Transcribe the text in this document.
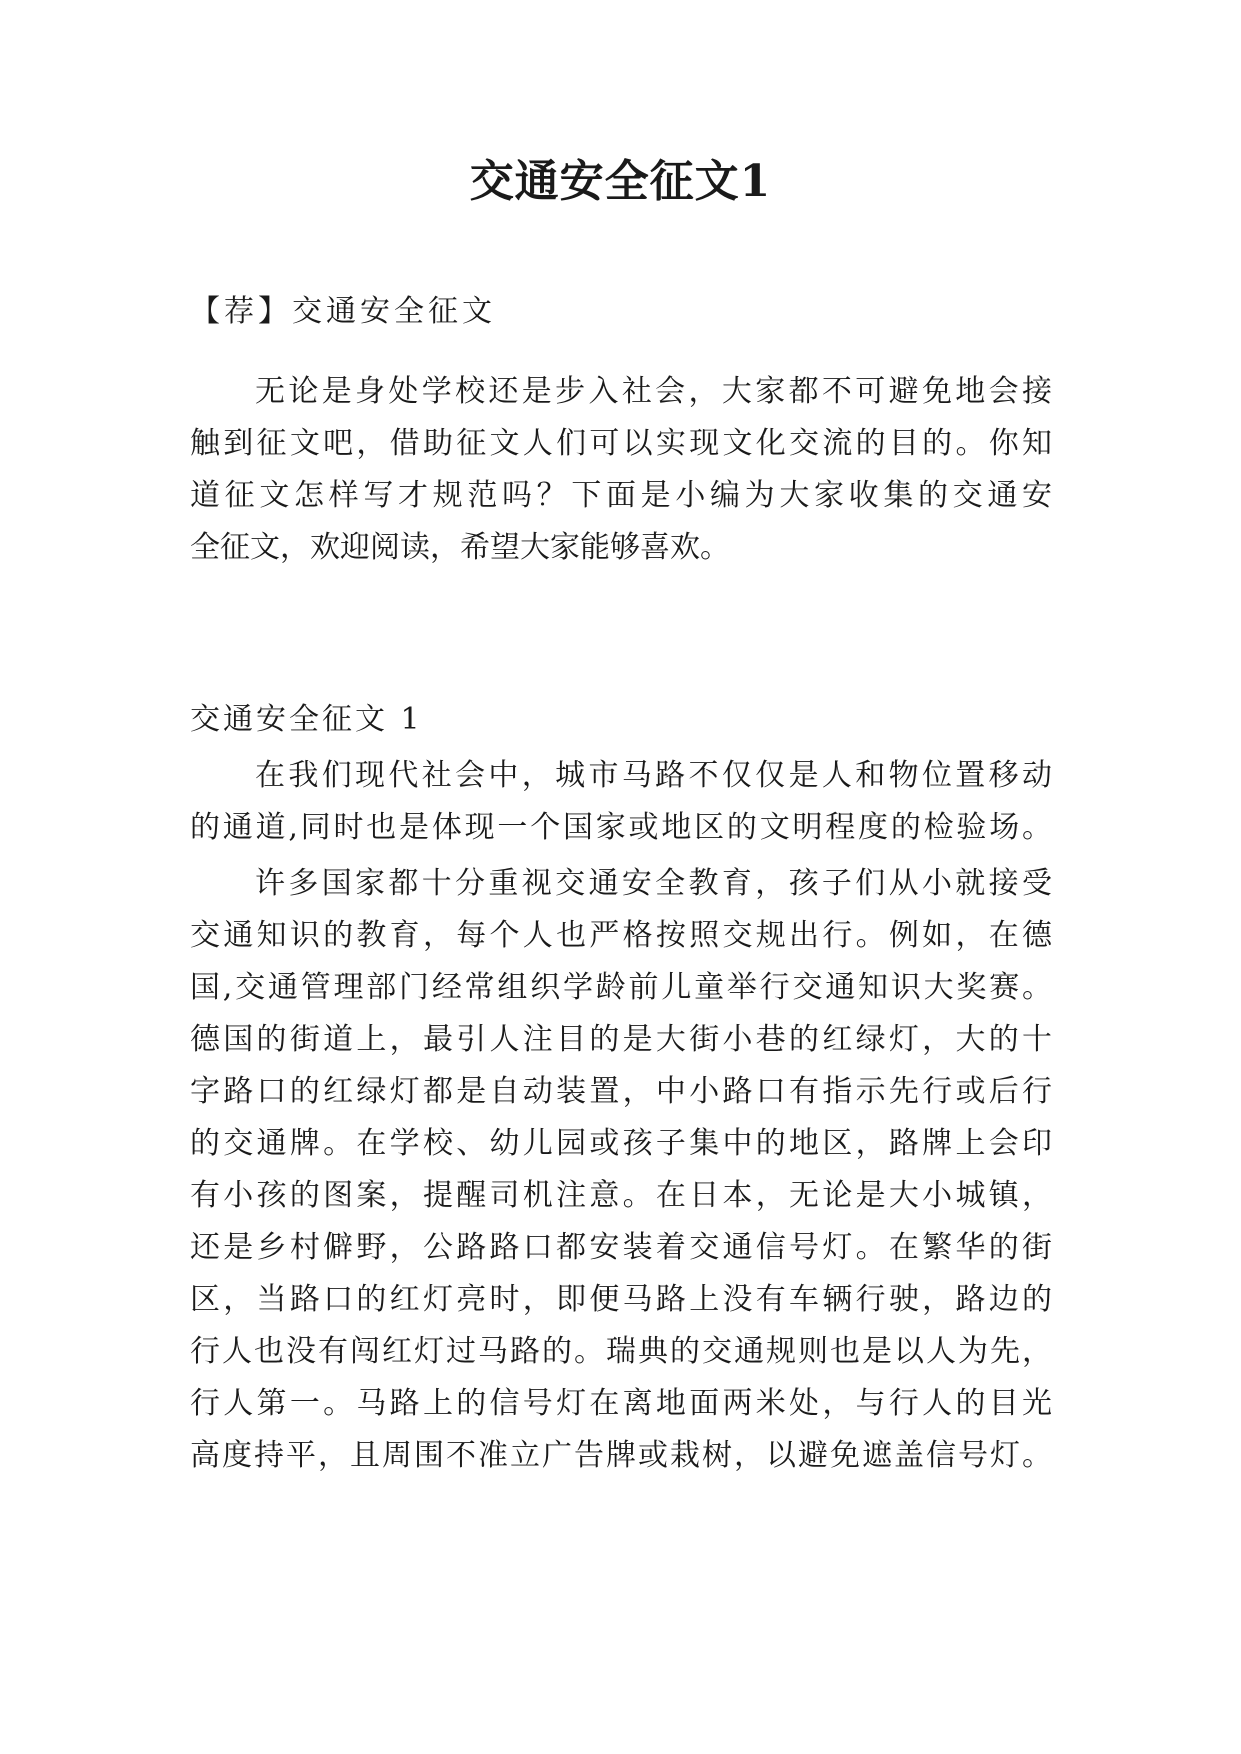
交通安全征文1
【荐】交通安全征文
无论是身处学校还是步入社会，大家都不可避免地会接
触到征文吧，借助征文人们可以实现文化交流的目的。你知
道征文怎样写才规范吗？下面是小编为大家收集的交通安
全征文，欢迎阅读，希望大家能够喜欢。
交通安全征文 1
在我们现代社会中，城市马路不仅仅是人和物位置移动
的通道,同时也是体现一个国家或地区的文明程度的检验场。
许多国家都十分重视交通安全教育，孩子们从小就接受
交通知识的教育，每个人也严格按照交规出行。例如，在德
国,交通管理部门经常组织学龄前儿童举行交通知识大奖赛。
德国的街道上，最引人注目的是大街小巷的红绿灯，大的十
字路口的红绿灯都是自动装置，中小路口有指示先行或后行
的交通牌。在学校、幼儿园或孩子集中的地区，路牌上会印
有小孩的图案，提醒司机注意。在日本，无论是大小城镇，
还是乡村僻野，公路路口都安装着交通信号灯。在繁华的街
区，当路口的红灯亮时，即便马路上没有车辆行驶，路边的
行人也没有闯红灯过马路的。瑞典的交通规则也是以人为先，
行人第一。马路上的信号灯在离地面两米处，与行人的目光
高度持平，且周围不准立广告牌或栽树，以避免遮盖信号灯。
